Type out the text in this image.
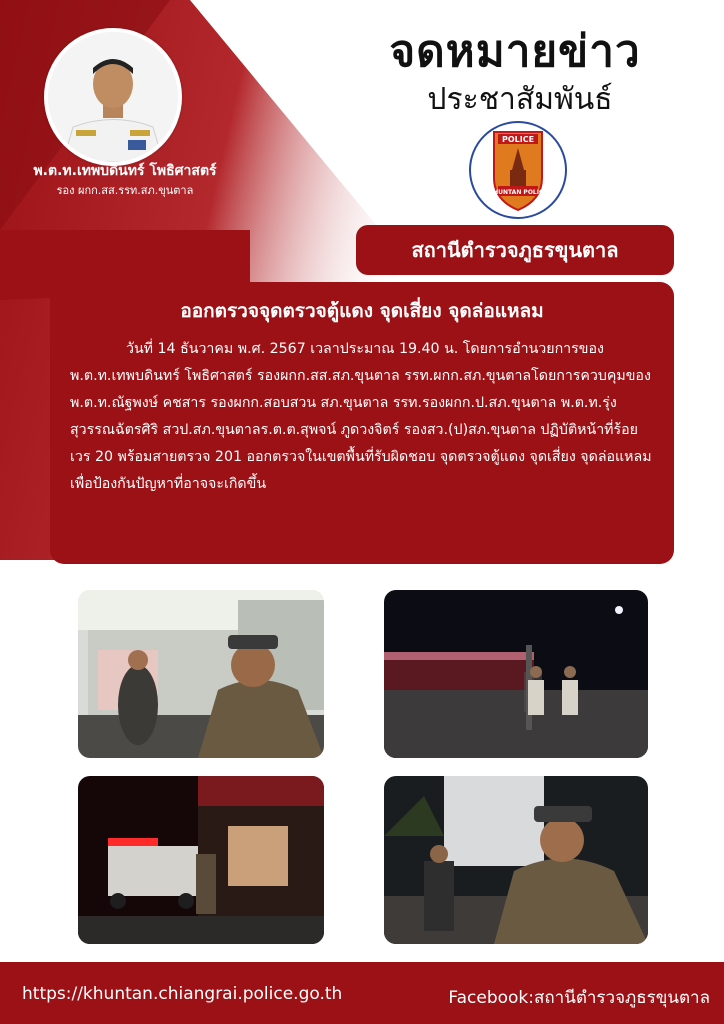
พ.ต.ท.เทพบดินทร์ โพธิศาสตร์
รอง ผกก.สส.รรท.สภ.ขุนตาล
จดหมายข่าว
ประชาสัมพันธ์
POLICE
KHUNTAN POLICE
สถานีตำรวจภูธรขุนตาล
ออกตรวจจุดตรวจตู้แดง จุดเสี่ยง จุดล่อแหลม

วันที่ 14 ธันวาคม พ.ศ. 2567 เวลาประมาณ 19.40 น. โดยการอำนวยการของพ.ต.ท.เทพบดินทร์ โพธิศาสตร์ รองผกก.สส.สภ.ขุนตาล รรท.ผกก.สภ.ขุนตาลโดยการควบคุมของพ.ต.ท.ณัฐพงษ์ คชสาร รองผกก.สอบสวน สภ.ขุนตาล รรท.รองผกก.ป.สภ.ขุนตาล พ.ต.ท.รุ่ง สุวรรณฉัตรศิริ สวป.สภ.ขุนตาลร.ต.ต.สุพจน์ ภูดวงจิตร์ รองสว.(ป)สภ.ขุนตาล ปฏิบัติหน้าที่ร้อยเวร 20 พร้อมสายตรวจ 201 ออกตรวจในเขตพื้นที่รับผิดชอบ จุดตรวจตู้แดง จุดเสี่ยง จุดล่อแหลมเพื่อป้องกันปัญหาที่อาจจะเกิดขึ้น

https://khuntan.chiangrai.police.go.th	Facebook:สถานีตำรวจภูธรขุนตาล
